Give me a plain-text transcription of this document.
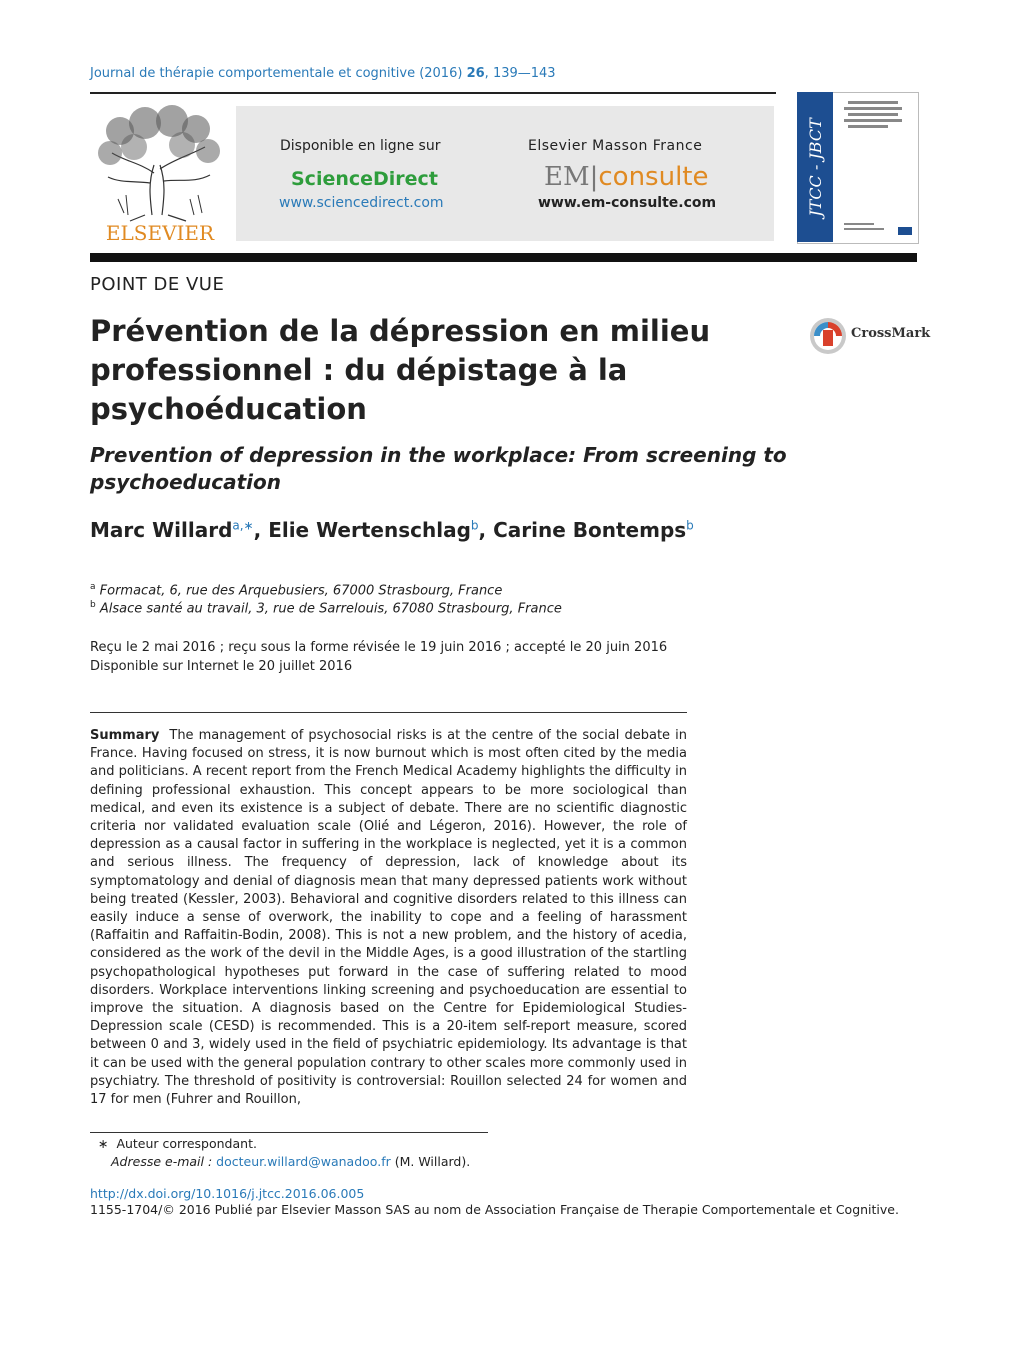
Journal de thérapie comportementale et cognitive (2016) 26, 139—143
ELSEVIER
Disponible en ligne sur
ScienceDirect
www.sciencedirect.com
Elsevier Masson France
EM|consulte
www.em-consulte.com	JTCC - JBCT
POINT DE VUE
Prévention de la dépression en milieu professionnel : du dépistage à la psychoéducation
CrossMark
Prevention of depression in the workplace: From screening to psychoeducation
Marc Willard$^{a,∗}$, Elie Wertenschlag$^b$, Carine Bontemps$^b$
$^a$ Formacat, 6, rue des Arquebusiers, 67000 Strasbourg, France
$^b$ Alsace santé au travail, 3, rue de Sarrelouis, 67080 Strasbourg, France
Reçu le 2 mai 2016 ; reçu sous la forme révisée le 19 juin 2016 ; accepté le 20 juin 2016
Disponible sur Internet le 20 juillet 2016
Summary The management of psychosocial risks is at the centre of the social debate in France. Having focused on stress, it is now burnout which is most often cited by the media and politicians. A recent report from the French Medical Academy highlights the difficulty in defining professional exhaustion. This concept appears to be more sociological than medical, and even its existence is a subject of debate. There are no scientific diagnostic criteria nor validated evaluation scale (Olié and Légeron, 2016). However, the role of depression as a causal factor in suffering in the workplace is neglected, yet it is a common and serious illness. The frequency of depression, lack of knowledge about its symptomatology and denial of diagnosis mean that many depressed patients work without being treated (Kessler, 2003). Behavioral and cognitive disorders related to this illness can easily induce a sense of overwork, the inability to cope and a feeling of harassment (Raffaitin and Raffaitin-Bodin, 2008). This is not a new problem, and the history of acedia, considered as the work of the devil in the Middle Ages, is a good illustration of the startling psychopathological hypotheses put forward in the case of suffering related to mood disorders. Workplace interventions linking screening and psychoeducation are essential to improve the situation. A diagnosis based on the Centre for Epidemiological Studies-Depression scale (CESD) is recommended. This is a 20-item self-report measure, scored between 0 and 3, widely used in the field of psychiatric epidemiology. Its advantage is that it can be used with the general population contrary to other scales more commonly used in psychiatry. The threshold of positivity is controversial: Rouillon selected 24 for women and 17 for men (Fuhrer and Rouillon,
∗ Auteur correspondant.
Adresse e-mail : docteur.willard@wanadoo.fr (M. Willard).
http://dx.doi.org/10.1016/j.jtcc.2016.06.005
1155-1704/© 2016 Publié par Elsevier Masson SAS au nom de Association Française de Therapie Comportementale et Cognitive.
